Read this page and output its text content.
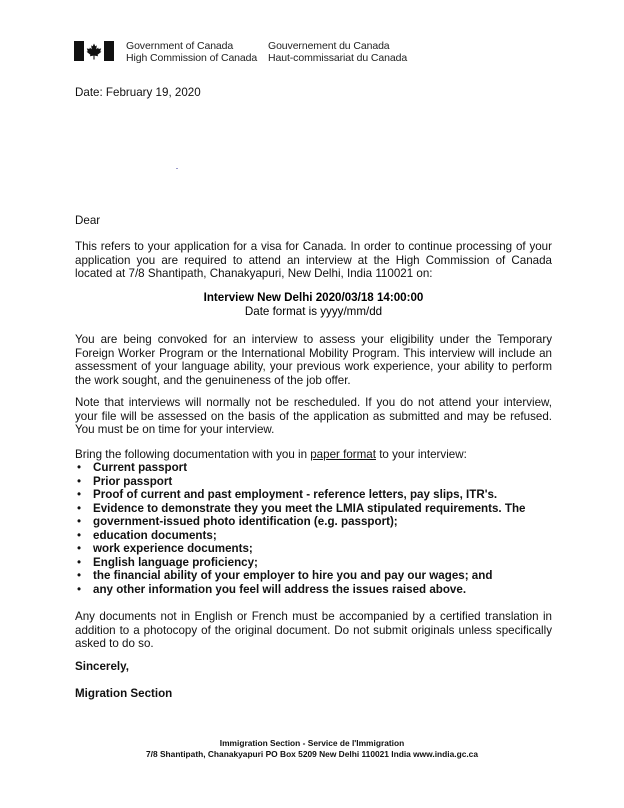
Government of Canada
High Commission of Canada
Gouvernement du Canada
Haut-commissariat du Canada
Date: February 19, 2020
Dear
This refers to your application for a visa for Canada. In order to continue processing of your application you are required to attend an interview at the High Commission of Canada located at 7/8 Shantipath, Chanakyapuri, New Delhi, India 110021 on:
Interview New Delhi 2020/03/18 14:00:00
Date format is yyyy/mm/dd
You are being convoked for an interview to assess your eligibility under the Temporary Foreign Worker Program or the International Mobility Program. This interview will include an assessment of your language ability, your previous work experience, your ability to perform the work sought, and the genuineness of the job offer.
Note that interviews will normally not be rescheduled. If you do not attend your interview, your file will be assessed on the basis of the application as submitted and may be refused. You must be on time for your interview.
Bring the following documentation with you in paper format to your interview:
• Current passport
• Prior passport
• Proof of current and past employment - reference letters, pay slips, ITR's.
• Evidence to demonstrate they you meet the LMIA stipulated requirements. The
• government-issued photo identification (e.g. passport);
• education documents;
• work experience documents;
• English language proficiency;
• the financial ability of your employer to hire you and pay our wages; and
• any other information you feel will address the issues raised above.
Any documents not in English or French must be accompanied by a certified translation in addition to a photocopy of the original document. Do not submit originals unless specifically asked to do so.
Sincerely,
Migration Section
Immigration Section - Service de l'Immigration
7/8 Shantipath, Chanakyapuri PO Box 5209 New Delhi 110021 India www.india.gc.ca
